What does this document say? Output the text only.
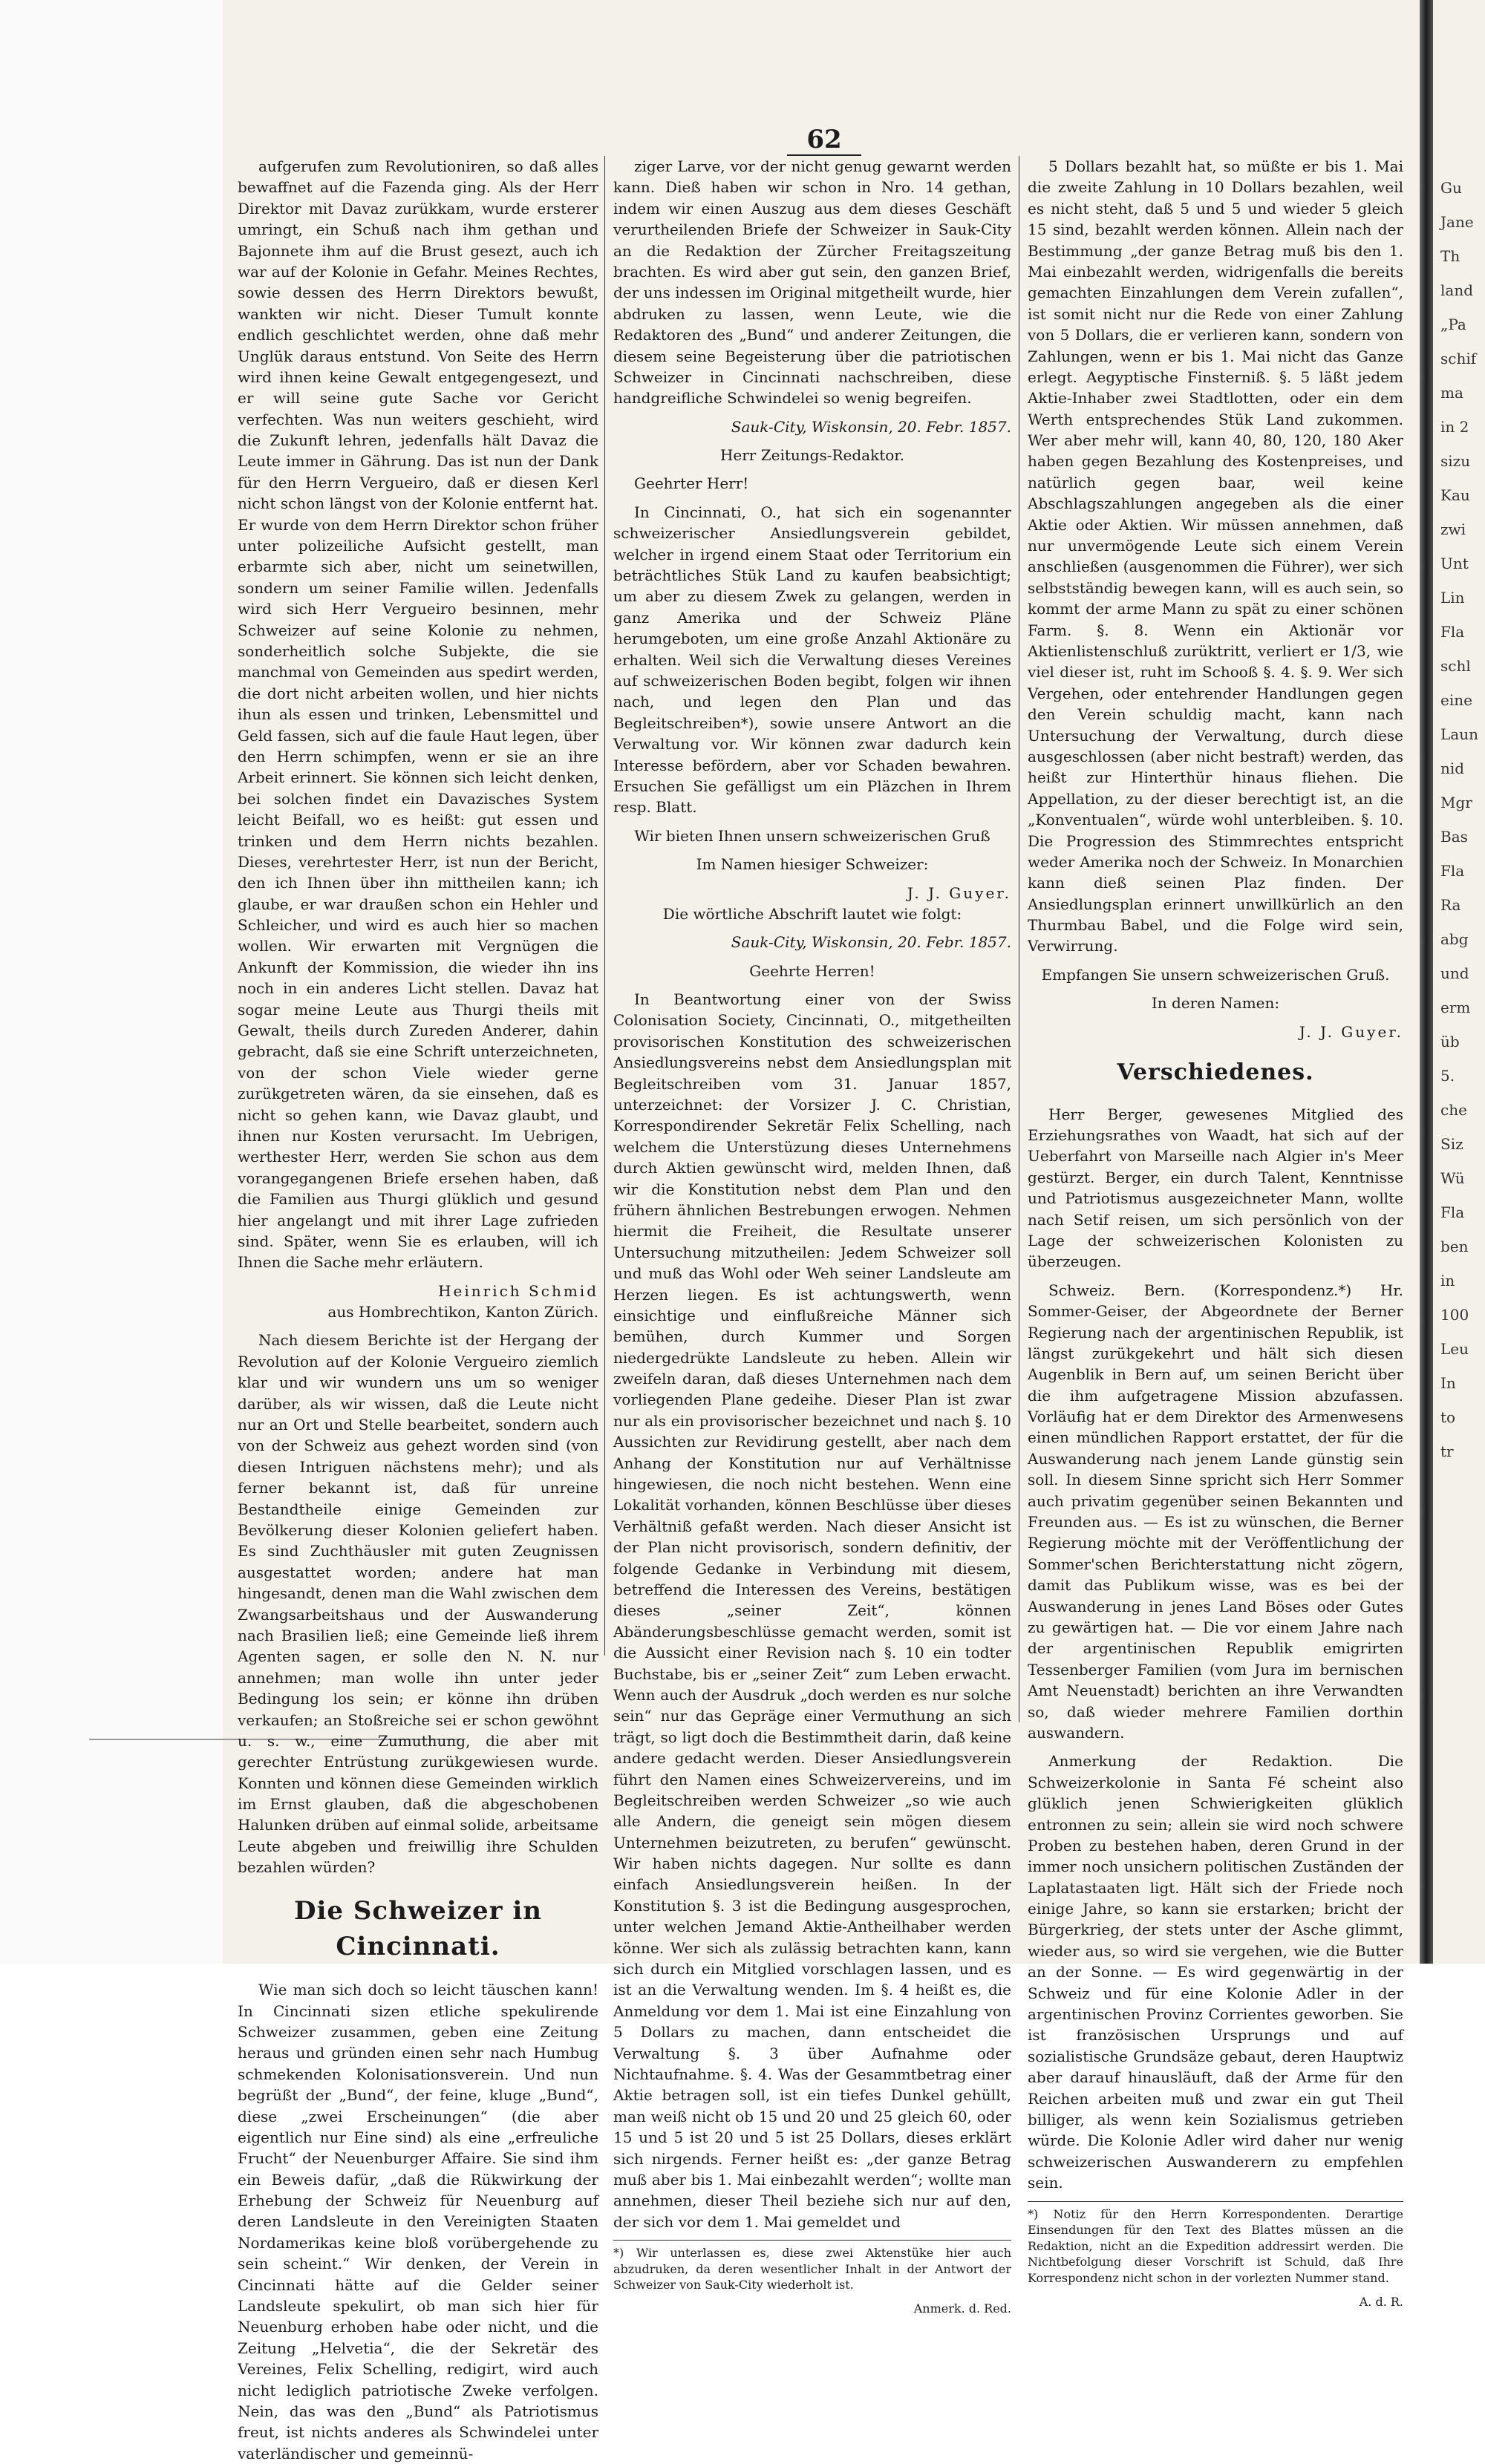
62

aufgerufen zum Revolutioniren, so daß alles bewaffnet auf die Fazenda ging. Als der Herr Direktor mit Davaz zurükkam, wurde ersterer umringt, ein Schuß nach ihm gethan und Bajonnete ihm auf die Brust gesezt, auch ich war auf der Kolonie in Gefahr. Meines Rechtes, sowie dessen des Herrn Direktors bewußt, wankten wir nicht. Dieser Tumult konnte endlich geschlichtet werden, ohne daß mehr Unglük daraus entstund. Von Seite des Herrn wird ihnen keine Gewalt entgegengesezt, und er will seine gute Sache vor Gericht verfechten. Was nun weiters geschieht, wird die Zukunft lehren, jedenfalls hält Davaz die Leute immer in Gährung. Das ist nun der Dank für den Herrn Vergueiro, daß er diesen Kerl nicht schon längst von der Kolonie entfernt hat. Er wurde von dem Herrn Direktor schon früher unter polizeiliche Aufsicht gestellt, man erbarmte sich aber, nicht um seinetwillen, sondern um seiner Familie willen. Jedenfalls wird sich Herr Vergueiro besinnen, mehr Schweizer auf seine Kolonie zu nehmen, sonderheitlich solche Subjekte, die sie manchmal von Gemeinden aus spedirt werden, die dort nicht arbeiten wollen, und hier nichts ihun als essen und trinken, Lebensmittel und Geld fassen, sich auf die faule Haut legen, über den Herrn schimpfen, wenn er sie an ihre Arbeit erinnert. Sie können sich leicht denken, bei solchen findet ein Davazisches System leicht Beifall, wo es heißt: gut essen und trinken und dem Herrn nichts bezahlen. Dieses, verehrtester Herr, ist nun der Bericht, den ich Ihnen über ihn mittheilen kann; ich glaube, er war draußen schon ein Hehler und Schleicher, und wird es auch hier so machen wollen. Wir erwarten mit Vergnügen die Ankunft der Kommission, die wieder ihn ins noch in ein anderes Licht stellen. Davaz hat sogar meine Leute aus Thurgi theils mit Gewalt, theils durch Zureden Anderer, dahin gebracht, daß sie eine Schrift unterzeichneten, von der schon Viele wieder gerne zurükgetreten wären, da sie einsehen, daß es nicht so gehen kann, wie Davaz glaubt, und ihnen nur Kosten verursacht. Im Uebrigen, werthester Herr, werden Sie schon aus dem vorangegangenen Briefe ersehen haben, daß die Familien aus Thurgi glüklich und gesund hier angelangt und mit ihrer Lage zufrieden sind. Später, wenn Sie es erlauben, will ich Ihnen die Sache mehr erläutern.

Heinrich Schmid

aus Hombrechtikon, Kanton Zürich.

Nach diesem Berichte ist der Hergang der Revolution auf der Kolonie Vergueiro ziemlich klar und wir wundern uns um so weniger darüber, als wir wissen, daß die Leute nicht nur an Ort und Stelle bearbeitet, sondern auch von der Schweiz aus gehezt worden sind (von diesen Intriguen nächstens mehr); und als ferner bekannt ist, daß für unreine Bestandtheile einige Gemeinden zur Bevölkerung dieser Kolonien geliefert haben. Es sind Zuchthäusler mit guten Zeugnissen ausgestattet worden; andere hat man hingesandt, denen man die Wahl zwischen dem Zwangsarbeitshaus und der Auswanderung nach Brasilien ließ; eine Gemeinde ließ ihrem Agenten sagen, er solle den N. N. nur annehmen; man wolle ihn unter jeder Bedingung los sein; er könne ihn drüben verkaufen; an Stoßreiche sei er schon gewöhnt u. s. w., eine Zumuthung, die aber mit gerechter Entrüstung zurükgewiesen wurde. Konnten und können diese Gemeinden wirklich im Ernst glauben, daß die abgeschobenen Halunken drüben auf einmal solide, arbeitsame Leute abgeben und freiwillig ihre Schulden bezahlen würden?

Die Schweizer in Cincinnati.

Wie man sich doch so leicht täuschen kann! In Cincinnati sizen etliche spekulirende Schweizer zusammen, geben eine Zeitung heraus und gründen einen sehr nach Humbug schmekenden Kolonisationsverein. Und nun begrüßt der „Bund“, der feine, kluge „Bund“, diese „zwei Erscheinungen“ (die aber eigentlich nur Eine sind) als eine „erfreuliche Frucht“ der Neuenburger Affaire. Sie sind ihm ein Beweis dafür, „daß die Rükwirkung der Erhebung der Schweiz für Neuenburg auf deren Landsleute in den Vereinigten Staaten Nordamerikas keine bloß vorübergehende zu sein scheint.“ Wir denken, der Verein in Cincinnati hätte auf die Gelder seiner Landsleute spekulirt, ob man sich hier für Neuenburg erhoben habe oder nicht, und die Zeitung „Helvetia“, die der Sekretär des Vereines, Felix Schelling, redigirt, wird auch nicht lediglich patriotische Zweke verfolgen. Nein, das was den „Bund“ als Patriotismus freut, ist nichts anderes als Schwindelei unter vaterländischer und gemeinnü-

ziger Larve, vor der nicht genug gewarnt werden kann. Dieß haben wir schon in Nro. 14 gethan, indem wir einen Auszug aus dem dieses Geschäft verurtheilenden Briefe der Schweizer in Sauk-City an die Redaktion der Zürcher Freitagszeitung brachten. Es wird aber gut sein, den ganzen Brief, der uns indessen im Original mitgetheilt wurde, hier abdruken zu lassen, wenn Leute, wie die Redaktoren des „Bund“ und anderer Zeitungen, die diesem seine Begeisterung über die patriotischen Schweizer in Cincinnati nachschreiben, diese handgreifliche Schwindelei so wenig begreifen.

Sauk-City, Wiskonsin, 20. Febr. 1857.

Herr Zeitungs-Redaktor.

Geehrter Herr!

In Cincinnati, O., hat sich ein sogenannter schweizerischer Ansiedlungsverein gebildet, welcher in irgend einem Staat oder Territorium ein beträchtliches Stük Land zu kaufen beabsichtigt; um aber zu diesem Zwek zu gelangen, werden in ganz Amerika und der Schweiz Pläne herumgeboten, um eine große Anzahl Aktionäre zu erhalten. Weil sich die Verwaltung dieses Vereines auf schweizerischen Boden begibt, folgen wir ihnen nach, und legen den Plan und das Begleitschreiben*), sowie unsere Antwort an die Verwaltung vor. Wir können zwar dadurch kein Interesse befördern, aber vor Schaden bewahren. Ersuchen Sie gefälligst um ein Pläzchen in Ihrem resp. Blatt.

Wir bieten Ihnen unsern schweizerischen Gruß

Im Namen hiesiger Schweizer:

J. J. Guyer.

Die wörtliche Abschrift lautet wie folgt:

Sauk-City, Wiskonsin, 20. Febr. 1857.

Geehrte Herren!

In Beantwortung einer von der Swiss Colonisation Society, Cincinnati, O., mitgetheilten provisorischen Konstitution des schweizerischen Ansiedlungsvereins nebst dem Ansiedlungsplan mit Begleitschreiben vom 31. Januar 1857, unterzeichnet: der Vorsizer J. C. Christian, Korrespondirender Sekretär Felix Schelling, nach welchem die Unterstüzung dieses Unternehmens durch Aktien gewünscht wird, melden Ihnen, daß wir die Konstitution nebst dem Plan und den frühern ähnlichen Bestrebungen erwogen. Nehmen hiermit die Freiheit, die Resultate unserer Untersuchung mitzutheilen: Jedem Schweizer soll und muß das Wohl oder Weh seiner Landsleute am Herzen liegen. Es ist achtungswerth, wenn einsichtige und einflußreiche Männer sich bemühen, durch Kummer und Sorgen niedergedrükte Landsleute zu heben. Allein wir zweifeln daran, daß dieses Unternehmen nach dem vorliegenden Plane gedeihe. Dieser Plan ist zwar nur als ein provisorischer bezeichnet und nach §. 10 Aussichten zur Revidirung gestellt, aber nach dem Anhang der Konstitution nur auf Verhältnisse hingewiesen, die noch nicht bestehen. Wenn eine Lokalität vorhanden, können Beschlüsse über dieses Verhältniß gefaßt werden. Nach dieser Ansicht ist der Plan nicht provisorisch, sondern definitiv, der folgende Gedanke in Verbindung mit diesem, betreffend die Interessen des Vereins, bestätigen dieses „seiner Zeit“, können Abänderungsbeschlüsse gemacht werden, somit ist die Aussicht einer Revision nach §. 10 ein todter Buchstabe, bis er „seiner Zeit“ zum Leben erwacht. Wenn auch der Ausdruk „doch werden es nur solche sein“ nur das Gepräge einer Vermuthung an sich trägt, so ligt doch die Bestimmtheit darin, daß keine andere gedacht werden. Dieser Ansiedlungsverein führt den Namen eines Schweizervereins, und im Begleitschreiben werden Schweizer „so wie auch alle Andern, die geneigt sein mögen diesem Unternehmen beizutreten, zu berufen“ gewünscht. Wir haben nichts dagegen. Nur sollte es dann einfach Ansiedlungsverein heißen. In der Konstitution §. 3 ist die Bedingung ausgesprochen, unter welchen Jemand Aktie-Antheilhaber werden könne. Wer sich als zulässig betrachten kann, kann sich durch ein Mitglied vorschlagen lassen, und es ist an die Verwaltung wenden. Im §. 4 heißt es, die Anmeldung vor dem 1. Mai ist eine Einzahlung von 5 Dollars zu machen, dann entscheidet die Verwaltung §. 3 über Aufnahme oder Nichtaufnahme. §. 4. Was der Gesammtbetrag einer Aktie betragen soll, ist ein tiefes Dunkel gehüllt, man weiß nicht ob 15 und 20 und 25 gleich 60, oder 15 und 5 ist 20 und 5 ist 25 Dollars, dieses erklärt sich nirgends. Ferner heißt es: „der ganze Betrag muß aber bis 1. Mai einbezahlt werden“; wollte man annehmen, dieser Theil beziehe sich nur auf den, der sich vor dem 1. Mai gemeldet und

*) Wir unterlassen es, diese zwei Aktenstüke hier auch abzudruken, da deren wesentlicher Inhalt in der Antwort der Schweizer von Sauk-City wiederholt ist.

Anmerk. d. Red.

5 Dollars bezahlt hat, so müßte er bis 1. Mai die zweite Zahlung in 10 Dollars bezahlen, weil es nicht steht, daß 5 und 5 und wieder 5 gleich 15 sind, bezahlt werden können. Allein nach der Bestimmung „der ganze Betrag muß bis den 1. Mai einbezahlt werden, widrigenfalls die bereits gemachten Einzahlungen dem Verein zufallen“, ist somit nicht nur die Rede von einer Zahlung von 5 Dollars, die er verlieren kann, sondern von Zahlungen, wenn er bis 1. Mai nicht das Ganze erlegt. Aegyptische Finsterniß. §. 5 läßt jedem Aktie-Inhaber zwei Stadtlotten, oder ein dem Werth entsprechendes Stük Land zukommen. Wer aber mehr will, kann 40, 80, 120, 180 Aker haben gegen Bezahlung des Kostenpreises, und natürlich gegen baar, weil keine Abschlagszahlungen angegeben als die einer Aktie oder Aktien. Wir müssen annehmen, daß nur unvermögende Leute sich einem Verein anschließen (ausgenommen die Führer), wer sich selbstständig bewegen kann, will es auch sein, so kommt der arme Mann zu spät zu einer schönen Farm. §. 8. Wenn ein Aktionär vor Aktienlistenschluß zurüktritt, verliert er 1/3, wie viel dieser ist, ruht im Schooß §. 4. §. 9. Wer sich Vergehen, oder entehrender Handlungen gegen den Verein schuldig macht, kann nach Untersuchung der Verwaltung, durch diese ausgeschlossen (aber nicht bestraft) werden, das heißt zur Hinterthür hinaus fliehen. Die Appellation, zu der dieser berechtigt ist, an die „Konventualen“, würde wohl unterbleiben. §. 10. Die Progression des Stimmrechtes entspricht weder Amerika noch der Schweiz. In Monarchien kann dieß seinen Plaz finden. Der Ansiedlungsplan erinnert unwillkürlich an den Thurmbau Babel, und die Folge wird sein, Verwirrung.

Empfangen Sie unsern schweizerischen Gruß.

In deren Namen:

J. J. Guyer.

Verschiedenes.

Herr Berger, gewesenes Mitglied des Erziehungsrathes von Waadt, hat sich auf der Ueberfahrt von Marseille nach Algier in's Meer gestürzt. Berger, ein durch Talent, Kenntnisse und Patriotismus ausgezeichneter Mann, wollte nach Setif reisen, um sich persönlich von der Lage der schweizerischen Kolonisten zu überzeugen.

Schweiz. Bern. (Korrespondenz.*) Hr. Sommer-Geiser, der Abgeordnete der Berner Regierung nach der argentinischen Republik, ist längst zurükgekehrt und hält sich diesen Augenblik in Bern auf, um seinen Bericht über die ihm aufgetragene Mission abzufassen. Vorläufig hat er dem Direktor des Armenwesens einen mündlichen Rapport erstattet, der für die Auswanderung nach jenem Lande günstig sein soll. In diesem Sinne spricht sich Herr Sommer auch privatim gegenüber seinen Bekannten und Freunden aus. — Es ist zu wünschen, die Berner Regierung möchte mit der Veröffentlichung der Sommer'schen Berichterstattung nicht zögern, damit das Publikum wisse, was es bei der Auswanderung in jenes Land Böses oder Gutes zu gewärtigen hat. — Die vor einem Jahre nach der argentinischen Republik emigrirten Tessenberger Familien (vom Jura im bernischen Amt Neuenstadt) berichten an ihre Verwandten so, daß wieder mehrere Familien dorthin auswandern.

Anmerkung der Redaktion. Die Schweizerkolonie in Santa Fé scheint also glüklich jenen Schwierigkeiten glüklich entronnen zu sein; allein sie wird noch schwere Proben zu bestehen haben, deren Grund in der immer noch unsichern politischen Zuständen der Laplatastaaten ligt. Hält sich der Friede noch einige Jahre, so kann sie erstarken; bricht der Bürgerkrieg, der stets unter der Asche glimmt, wieder aus, so wird sie vergehen, wie die Butter an der Sonne. — Es wird gegenwärtig in der Schweiz und für eine Kolonie Adler in der argentinischen Provinz Corrientes geworben. Sie ist französischen Ursprungs und auf sozialistische Grundsäze gebaut, deren Hauptwiz aber darauf hinausläuft, daß der Arme für den Reichen arbeiten muß und zwar ein gut Theil billiger, als wenn kein Sozialismus getrieben würde. Die Kolonie Adler wird daher nur wenig schweizerischen Auswanderern zu empfehlen sein.

*) Notiz für den Herrn Korrespondenten. Derartige Einsendungen für den Text des Blattes müssen an die Redaktion, nicht an die Expedition addressirt werden. Die Nichtbefolgung dieser Vorschrift ist Schuld, daß Ihre Korrespondenz nicht schon in der vorlezten Nummer stand.

A. d. R.

Gu
Jane
Th
land
„Pa
schif
ma
in 2
sizu
Kau
zwi
Unt
Lin
Fla
schl
eine
Laun
nid
Mgr
Bas
Fla
Ra
abg
und
erm
üb
5.
che
Siz
Wü
Fla
ben
in
100
Leu
In
to
tr
